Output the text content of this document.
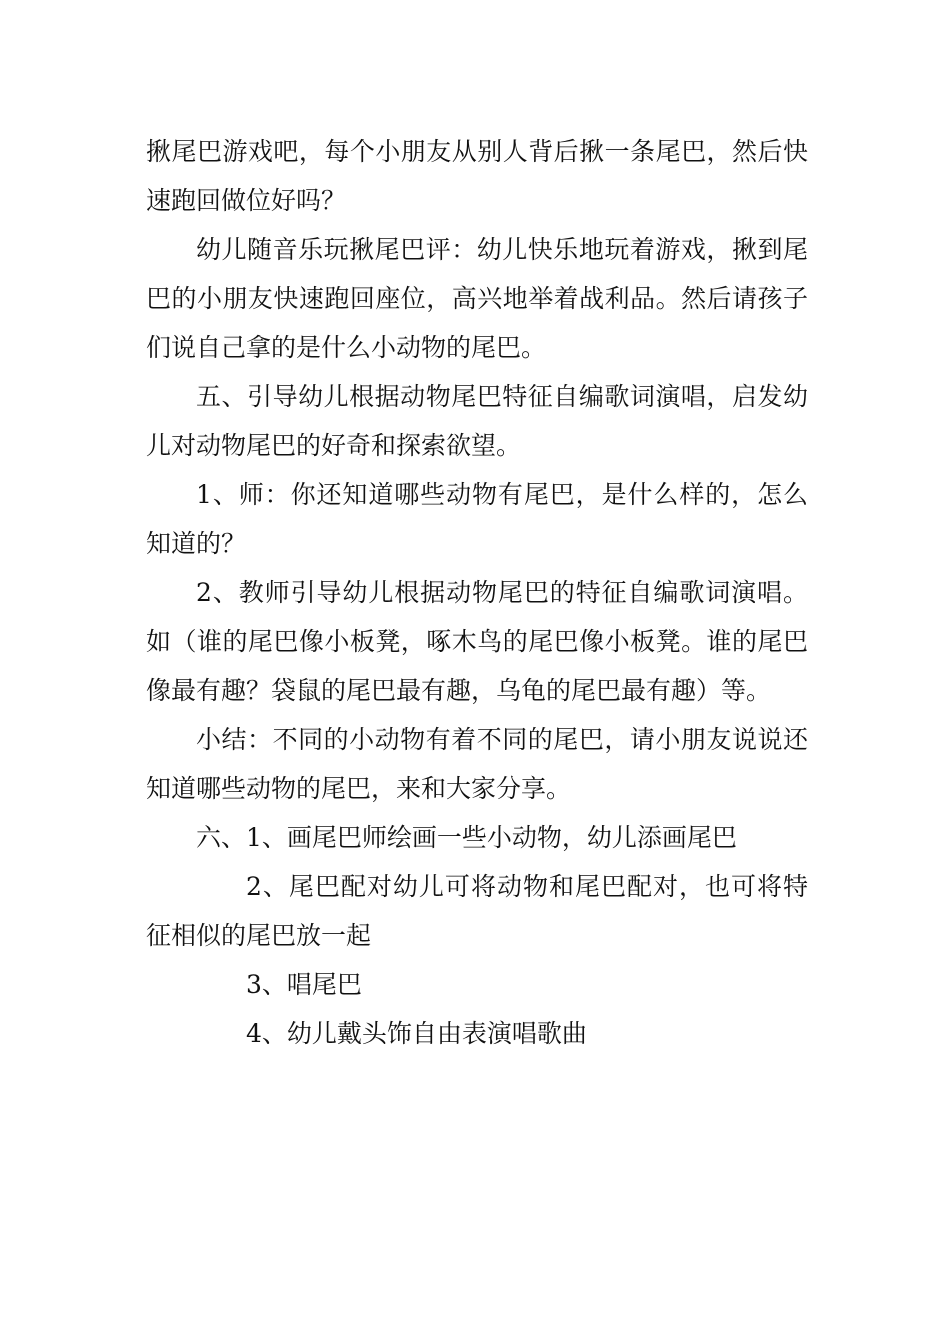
揪尾巴游戏吧，每个小朋友从别人背后揪一条尾巴，然后快速跑回做位好吗？

幼儿随音乐玩揪尾巴评：幼儿快乐地玩着游戏，揪到尾巴的小朋友快速跑回座位，高兴地举着战利品。然后请孩子们说自己拿的是什么小动物的尾巴。

五、引导幼儿根据动物尾巴特征自编歌词演唱，启发幼儿对动物尾巴的好奇和探索欲望。

1、师：你还知道哪些动物有尾巴，是什么样的，怎么知道的？

2、教师引导幼儿根据动物尾巴的特征自编歌词演唱。如（谁的尾巴像小板凳，啄木鸟的尾巴像小板凳。谁的尾巴像最有趣？袋鼠的尾巴最有趣，乌龟的尾巴最有趣）等。

小结：不同的小动物有着不同的尾巴，请小朋友说说还知道哪些动物的尾巴，来和大家分享。

六、1、画尾巴师绘画一些小动物，幼儿添画尾巴

2、尾巴配对幼儿可将动物和尾巴配对，也可将特征相似的尾巴放一起

3、唱尾巴

4、幼儿戴头饰自由表演唱歌曲
